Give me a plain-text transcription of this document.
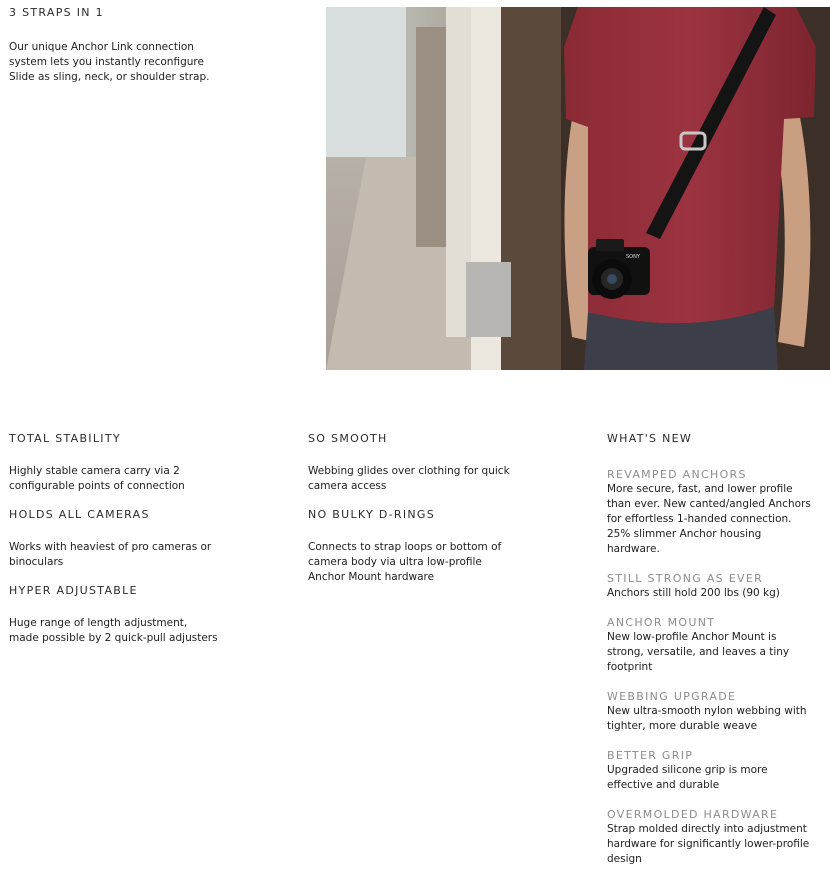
3 STRAPS IN 1

Our unique Anchor Link connection system lets you instantly reconfigure Slide as sling, neck, or shoulder strap.

SONY
TOTAL STABILITY

Highly stable camera carry via 2 configurable points of connection

HOLDS ALL CAMERAS

Works with heaviest of pro cameras or binoculars

HYPER ADJUSTABLE

Huge range of length adjustment, made possible by 2 quick-pull adjusters

SO SMOOTH

Webbing glides over clothing for quick camera access

NO BULKY D-RINGS

Connects to strap loops or bottom of camera body via ultra low-profile Anchor Mount hardware

WHAT'S NEW
REVAMPED ANCHORS

More secure, fast, and lower profile than ever. New canted/angled Anchors for effortless 1-handed connection. 25% slimmer Anchor housing hardware.

STILL STRONG AS EVER

Anchors still hold 200 lbs (90 kg)

ANCHOR MOUNT

New low-profile Anchor Mount is strong, versatile, and leaves a tiny footprint

WEBBING UPGRADE

New ultra-smooth nylon webbing with tighter, more durable weave

BETTER GRIP

Upgraded silicone grip is more effective and durable

OVERMOLDED HARDWARE

Strap molded directly into adjustment hardware for significantly lower-profile design
